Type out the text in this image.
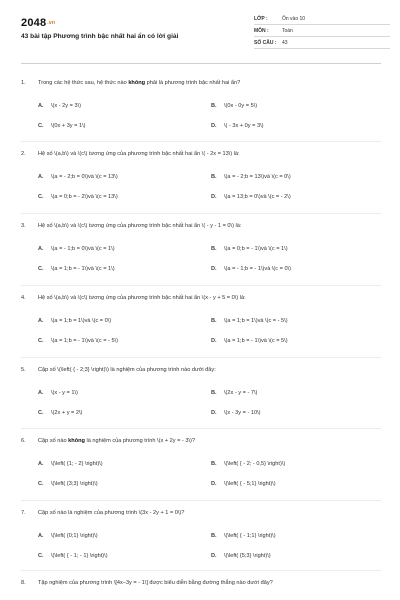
2048.vn
43 bài tập Phương trình bậc nhất hai ẩn có lời giải
LỚP :	Ôn vào 10
MÔN :	Toán
SỐ CÂU :	43
1. Trong các hệ thức sau, hệ thức nào không phải là phương trình bậc nhất hai ẩn?
A. \(x - 2y = 3\)	B. \(0x - 0y = 5\)
C. \(0x + 3y = 1\)	D. \( - 3x + 0y = 3\)
2. Hệ số \(a,b\) và \(c\) tương ứng của phương trình bậc nhất hai ẩn \( - 2x = 13\) là:
A. \(a = - 2;b = 0\)và \(c = 13\)	B. \(a = - 2;b = 13\)và \(c = 0\)
C. \(a = 0;b = - 2\)và \(c = 13\)	D. \(a = 13;b = 0\)và \(c = - 2\)
3. Hệ số \(a,b\) và \(c\) tương ứng của phương trình bậc nhất hai ẩn \( - y - 1 = 0\) là:
A. \(a = - 1;b = 0\)và \(c = 1\)	B. \(a = 0;b = - 1\)và \(c = 1\)
C. \(a = 1;b = - 1\)và \(c = 1\)	D. \(a = - 1;b = - 1\)và \(c = 0\)
4. Hệ số \(a,b\) và \(c\) tương ứng của phương trình bậc nhất hai ẩn \(x - y + 5 = 0\) là:
A. \(a = 1;b = 1\)và \(c = 0\)	B. \(a = 1;b = 1\)và \(c = - 5\)
C. \(a = 1;b = - 1\)và \(c = - 5\)	D. \(a = 1;b = - 1\)và \(c = 5\)
5. Cặp số \(\left( { - 2;3} \right)\) là nghiệm của phương trình nào dưới đây:
A. \(x - y = 1\)	B. \(2x - y = - 7\)
C. \(2x + y = 2\)	D. \(x - 3y = - 10\)
6. Cặp số nào không là nghiệm của phương trình \(x + 2y = - 3\)?
A. \(\left( {1; - 2} \right)\)	B. \(\left( { - 2; - 0,5} \right)\)
C. \(\left( {3;3} \right)\)	D. \(\left( { - 5;1} \right)\)
7. Cặp số nào là nghiệm của phương trình \(3x - 2y + 1 = 0\)?
A. \(\left( {0;1} \right)\)	B. \(\left( { - 1;1} \right)\)
C. \(\left( { - 1; - 1} \right)\)	D. \(\left( {5;3} \right)\)
8. Tập nghiệm của phương trình \[4x–3y = - 1\] được biểu diễn bằng đường thẳng nào dưới đây?
